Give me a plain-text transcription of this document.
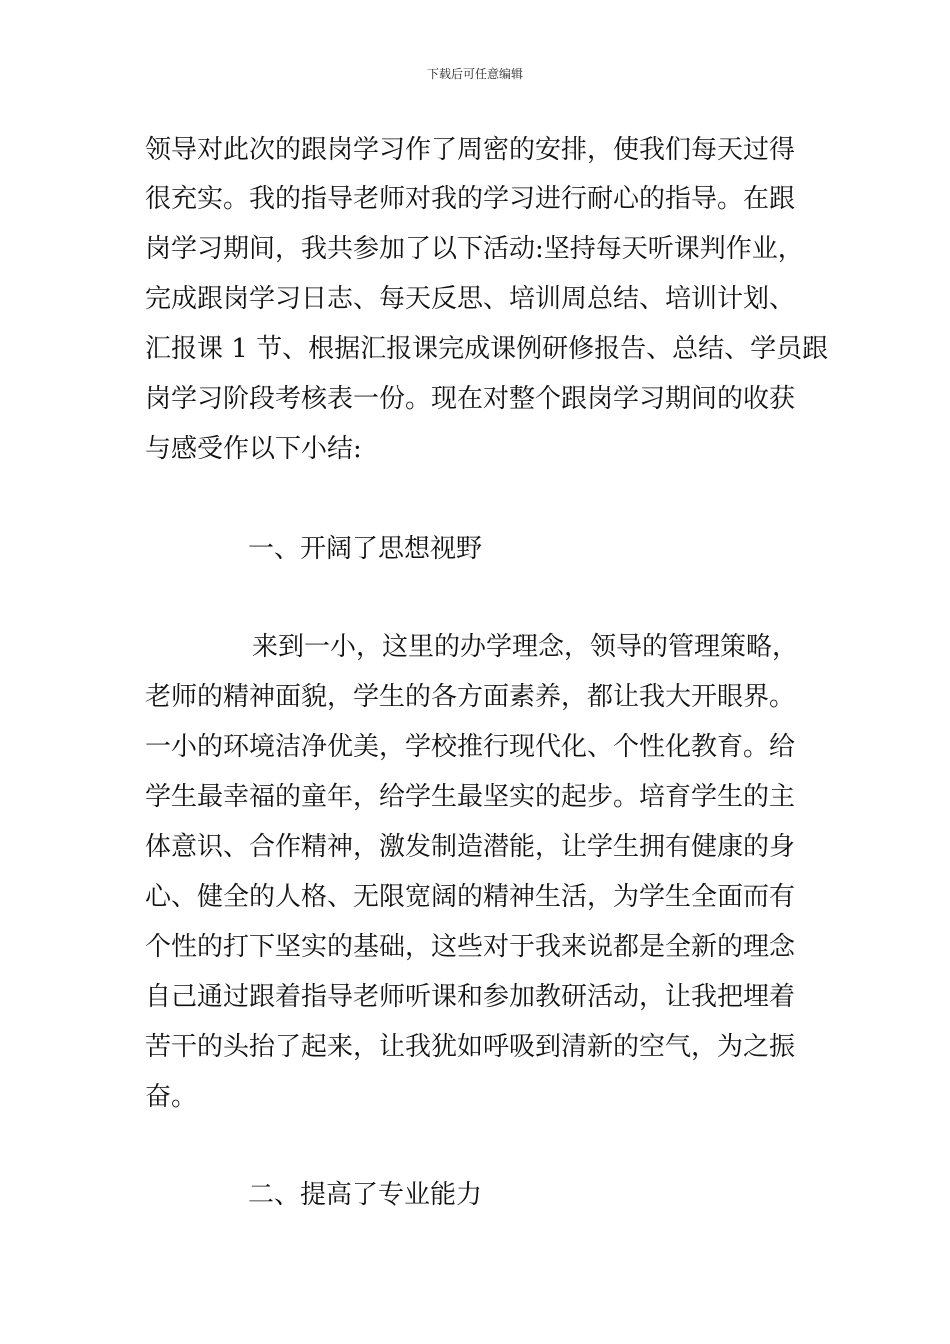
下载后可任意编辑
领导对此次的跟岗学习作了周密的安排，使我们每天过得
很充实。我的指导老师对我的学习进行耐心的指导。在跟
岗学习期间，我共参加了以下活动:坚持每天听课判作业，
完成跟岗学习日志、每天反思、培训周总结、培训计划、
汇报课 1 节、根据汇报课完成课例研修报告、总结、学员跟
岗学习阶段考核表一份。现在对整个跟岗学习期间的收获
与感受作以下小结:
一、开阔了思想视野
来到一小，这里的办学理念，领导的管理策略，
老师的精神面貌，学生的各方面素养，都让我大开眼界。
一小的环境洁净优美，学校推行现代化、个性化教育。给
学生最幸福的童年，给学生最坚实的起步。培育学生的主
体意识、合作精神，激发制造潜能，让学生拥有健康的身
心、健全的人格、无限宽阔的精神生活，为学生全面而有
个性的打下坚实的基础，这些对于我来说都是全新的理念
自己通过跟着指导老师听课和参加教研活动，让我把埋着
苦干的头抬了起来，让我犹如呼吸到清新的空气，为之振
奋。
二、提高了专业能力
